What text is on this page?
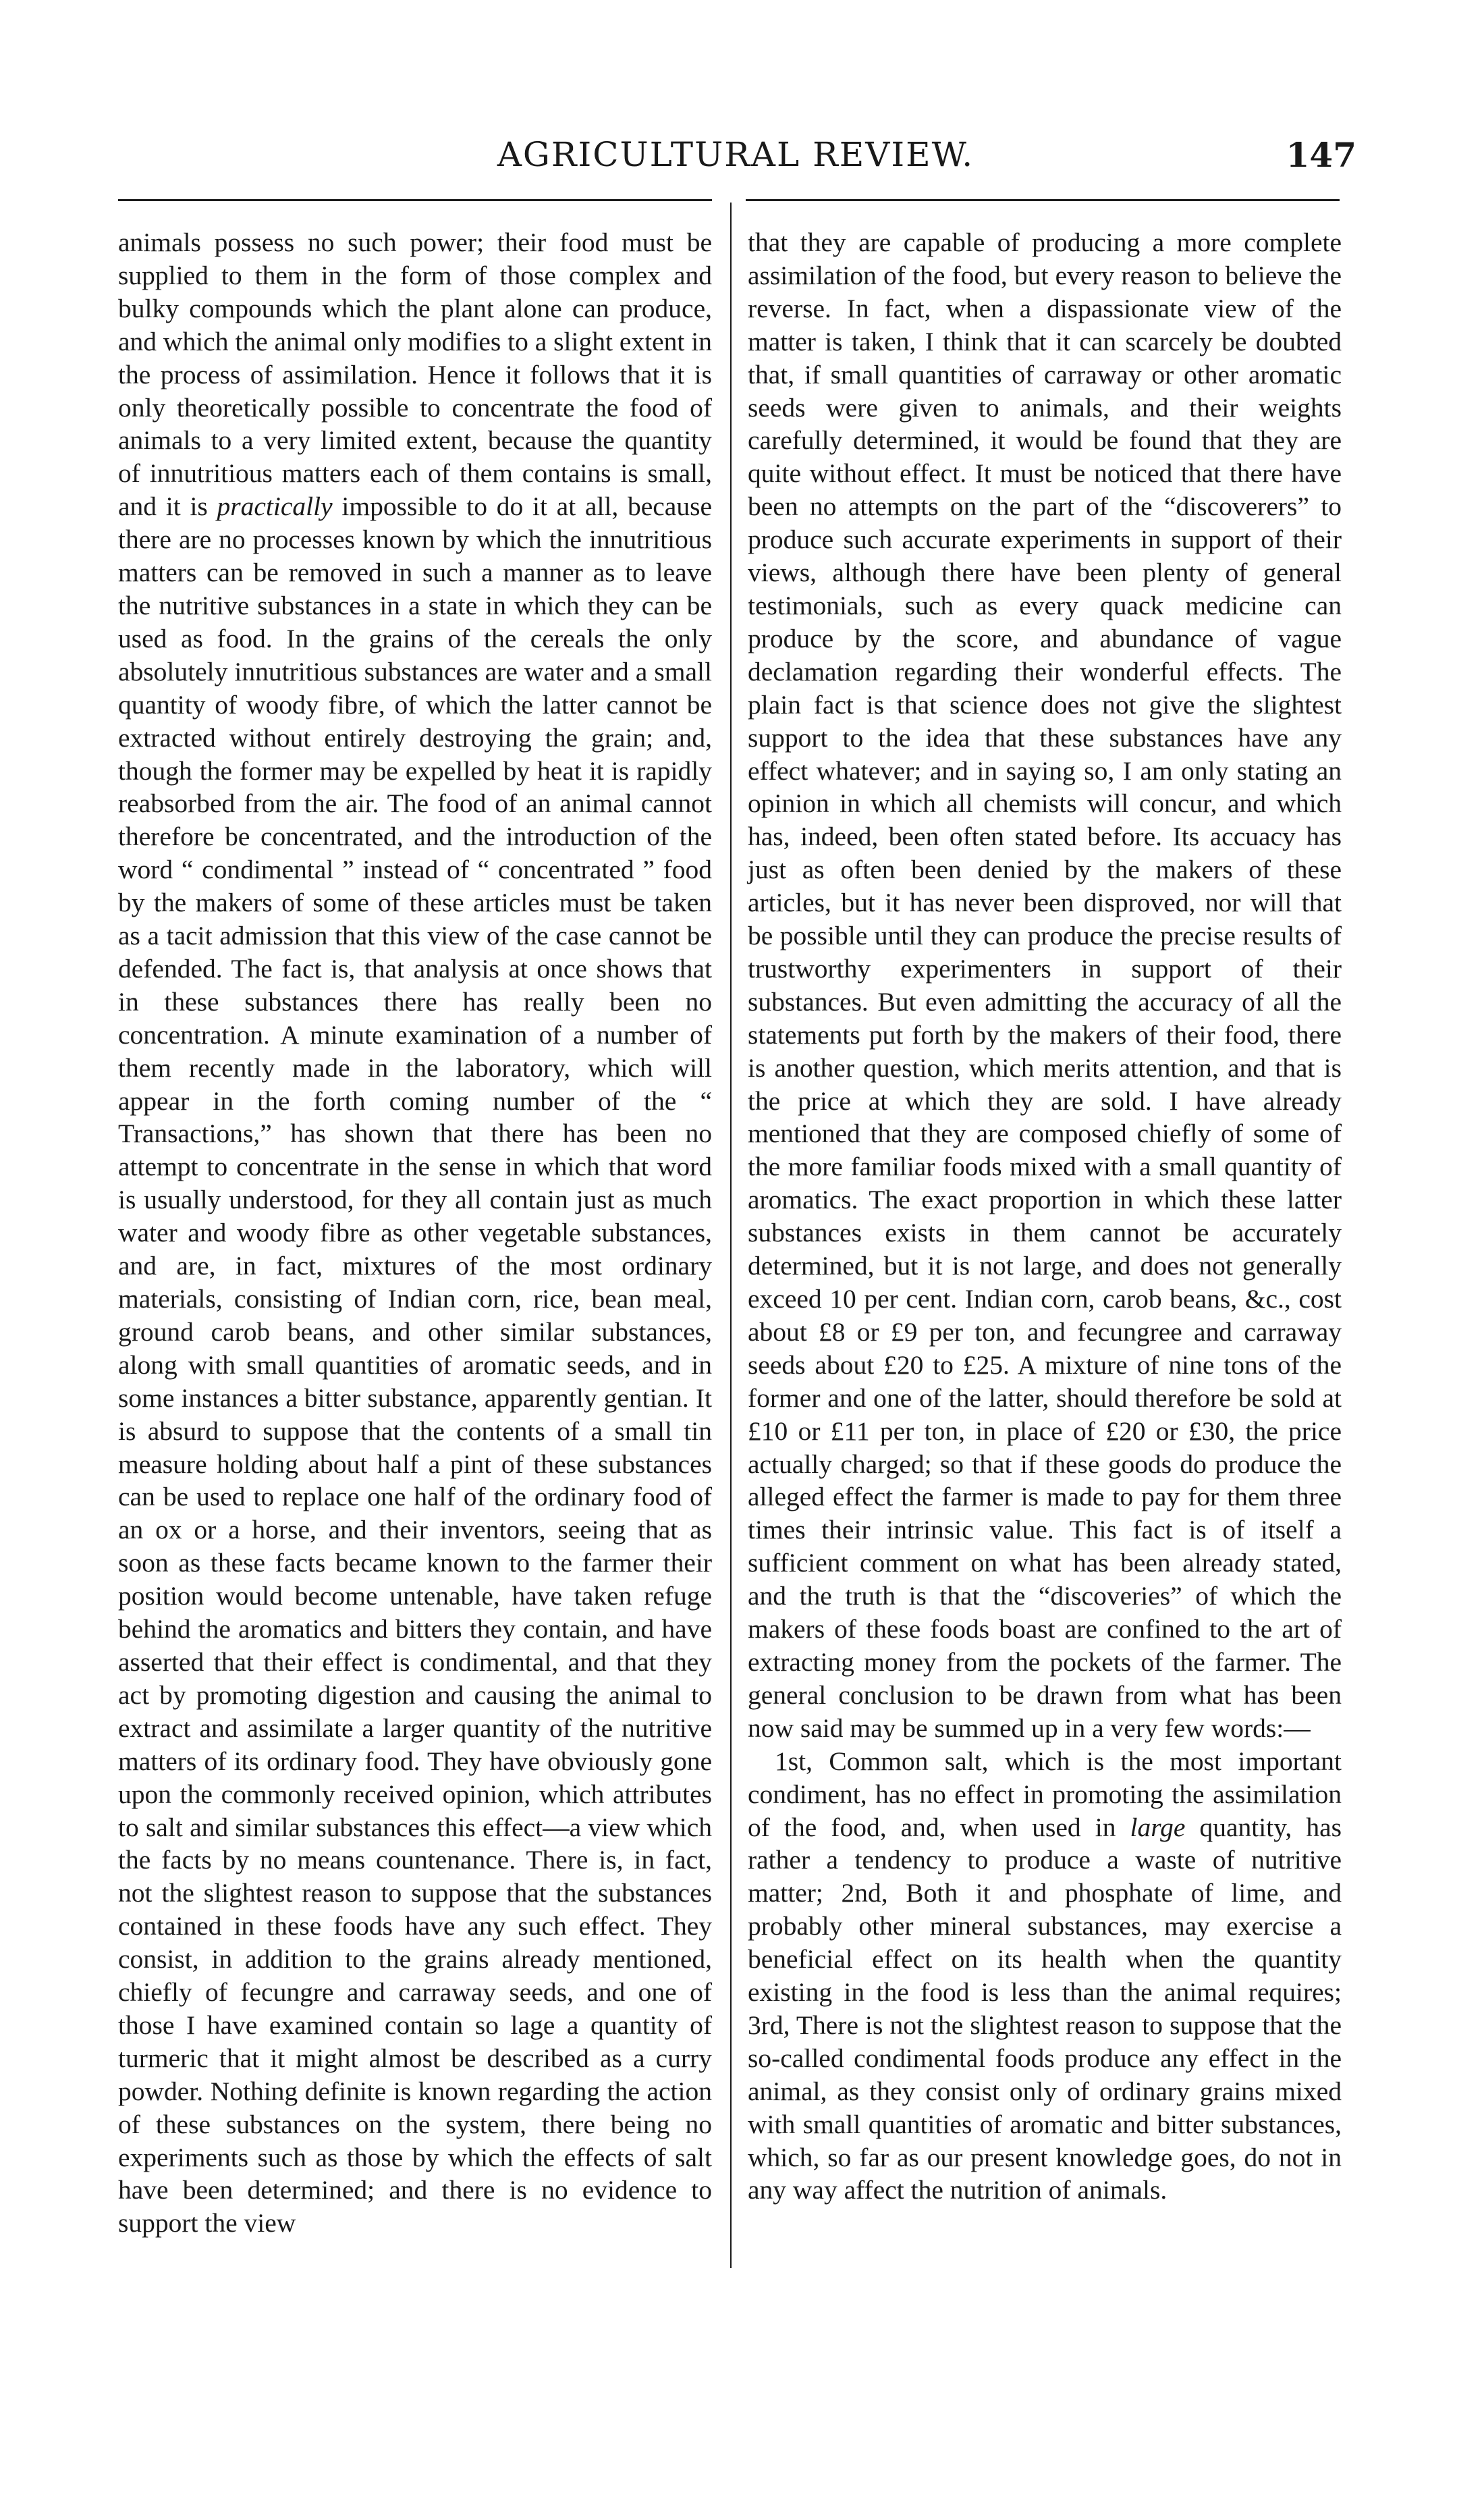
AGRICULTURAL REVIEW.	147

animals possess no such power; their food must be supplied to them in the form of those complex and bulky compounds which the plant alone can produce, and which the animal only modifies to a slight extent in the process of assimilation. Hence it follows that it is only theoretically possible to concentrate the food of animals to a very limited extent, because the quantity of innutritious matters each of them contains is small, and it is practically impossible to do it at all, because there are no processes known by which the innutritious matters can be removed in such a manner as to leave the nutritive substances in a state in which they can be used as food. In the grains of the cereals the only absolutely innutritious substances are water and a small quantity of woody fibre, of which the latter cannot be extracted without entirely destroying the grain; and, though the former may be expelled by heat it is rapidly reabsorbed from the air. The food of an animal cannot therefore be concentrated, and the introduction of the word “ condimental ” instead of “ concentrated ” food by the makers of some of these articles must be taken as a tacit admission that this view of the case cannot be defended. The fact is, that analysis at once shows that in these substances there has really been no concentration. A minute examination of a number of them recently made in the laboratory, which will appear in the forth coming number of the “ Transactions,” has shown that there has been no attempt to concentrate in the sense in which that word is usually understood, for they all contain just as much water and woody fibre as other vegetable substances, and are, in fact, mixtures of the most ordinary materials, consisting of Indian corn, rice, bean meal, ground carob beans, and other similar substances, along with small quantities of aromatic seeds, and in some instances a bitter substance, apparently gentian. It is absurd to suppose that the contents of a small tin measure holding about half a pint of these substances can be used to replace one half of the ordinary food of an ox or a horse, and their inventors, seeing that as soon as these facts became known to the farmer their position would become untenable, have taken refuge behind the aromatics and bitters they contain, and have asserted that their effect is condimental, and that they act by promoting digestion and causing the animal to extract and assimilate a larger quantity of the nutritive matters of its ordinary food. They have obviously gone upon the commonly received opinion, which attributes to salt and similar substances this effect—a view which the facts by no means countenance. There is, in fact, not the slightest reason to suppose that the substances contained in these foods have any such effect. They consist, in addition to the grains already mentioned, chiefly of fecungre and carraway seeds, and one of those I have examined contain so lage a quantity of turmeric that it might almost be described as a curry powder. Nothing definite is known regarding the action of these substances on the system, there being no experiments such as those by which the effects of salt have been determined; and there is no evidence to support the view

that they are capable of producing a more complete assimilation of the food, but every reason to believe the reverse. In fact, when a dispassionate view of the matter is taken, I think that it can scarcely be doubted that, if small quantities of carraway or other aromatic seeds were given to animals, and their weights carefully determined, it would be found that they are quite without effect. It must be noticed that there have been no attempts on the part of the “discoverers” to produce such accurate experiments in support of their views, although there have been plenty of general testimonials, such as every quack medicine can produce by the score, and abundance of vague declamation regarding their wonderful effects. The plain fact is that science does not give the slightest support to the idea that these substances have any effect whatever; and in saying so, I am only stating an opinion in which all chemists will concur, and which has, indeed, been often stated before. Its accuacy has just as often been denied by the makers of these articles, but it has never been disproved, nor will that be possible until they can produce the precise results of trustworthy experimenters in support of their substances. But even admitting the accuracy of all the statements put forth by the makers of their food, there is another question, which merits attention, and that is the price at which they are sold. I have already mentioned that they are composed chiefly of some of the more familiar foods mixed with a small quantity of aromatics. The exact proportion in which these latter substances exists in them cannot be accurately determined, but it is not large, and does not generally exceed 10 per cent. Indian corn, carob beans, &c., cost about £8 or £9 per ton, and fecungree and carraway seeds about £20 to £25. A mixture of nine tons of the former and one of the latter, should therefore be sold at £10 or £11 per ton, in place of £20 or £30, the price actually charged; so that if these goods do produce the alleged effect the farmer is made to pay for them three times their intrinsic value. This fact is of itself a sufficient comment on what has been already stated, and the truth is that the “discoveries” of which the makers of these foods boast are confined to the art of extracting money from the pockets of the farmer. The general conclusion to be drawn from what has been now said may be summed up in a very few words:—

1st, Common salt, which is the most important condiment, has no effect in promoting the assimilation of the food, and, when used in large quantity, has rather a tendency to produce a waste of nutritive matter; 2nd, Both it and phosphate of lime, and probably other mineral substances, may exercise a beneficial effect on its health when the quantity existing in the food is less than the animal requires; 3rd, There is not the slightest reason to suppose that the so-called condimental foods produce any effect in the animal, as they consist only of ordinary grains mixed with small quantities of aromatic and bitter substances, which, so far as our present knowledge goes, do not in any way affect the nutrition of animals.
